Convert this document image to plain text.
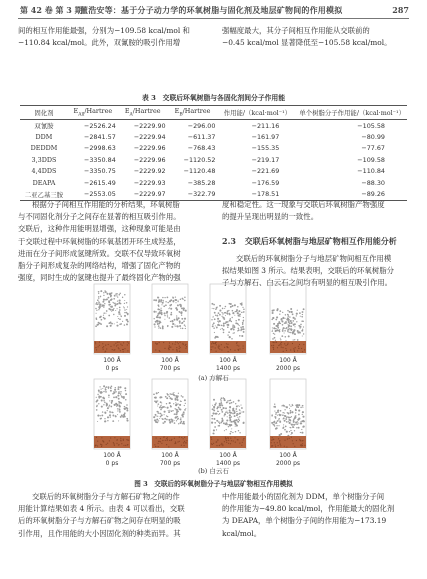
第 42 卷 第 3 期
董浩安等：基于分子动力学的环氧树脂与固化剂及地层矿物间的作用模拟	287
间的相互作用能最强，分别为−109.58 kcal/mol 和
−110.84 kcal/mol。此外，双氰胺的吸引作用增
强幅度最大，其分子间相互作用能从交联前的
−0.45 kcal/mol 显著降低至−105.58 kcal/mol。
表 3　交联后环氧树脂与各固化剂间分子作用能
固化剂	$E_{All}$/Hartree	$E_A$/Hartree	$E_B$/Hartree	作用能/（kcal·mol⁻¹）	单个树脂分子作用能/（kcal·mol⁻¹）
双氰胺	−2526.24	−2229.90	−296.00	−211.16	−105.58
DDM	−2841.57	−2229.94	−611.37	−161.97	−80.99
DEDDM	−2998.63	−2229.96	−768.43	−155.35	−77.67
3,3DDS	−3350.84	−2229.96	−1120.52	−219.17	−109.58
4,4DDS	−3350.75	−2229.92	−1120.48	−221.69	−110.84
DEAPA	−2615.49	−2229.93	−385.28	−176.59	−88.30
二亚乙基三胺	−2553.05	−2229.97	−322.79	−178.51	−89.26
根据分子间相互作用能的分析结果，环氧树脂
与不同固化剂分子之间存在显著的相互吸引作用。
交联后，这种作用能明显增强，这种现象可能是由
于交联过程中环氧树脂的环氧基团开环生成羟基，
进而在分子间形成氢键所致。交联不仅导致环氧树
脂分子间形成复杂的网络结构，增强了固化产物的
强度，同时生成的氢键也提升了最终固化产物的强
度和稳定性。这一现象与交联后环氧树脂产物强度
的提升呈现出明显的一致性。
2.3 交联后环氧树脂与地层矿物相互作用能分析
交联后的环氧树脂分子与地层矿物间相互作用模
拟结果如图 3 所示。结果表明，交联后的环氧树脂分
子与方解石、白云石之间均有明显的相互吸引作用。
100 Å
0 ps
100 Å
700 ps
100 Å
1400 ps
100 Å
2000 ps
100 Å
0 ps
100 Å
700 ps
100 Å
1400 ps
100 Å
2000 ps
(a) 方解石
(b) 白云石
图 3　交联后的环氧树脂分子与地层矿物相互作用模拟
交联后的环氧树脂分子与方解石矿物之间的作
用能计算结果如表 4 所示。由表 4 可以看出，交联
后的环氧树脂分子与方解石矿物之间存在明显的吸
引作用，且作用能的大小因固化剂的种类而异。其
中作用能最小的固化剂为 DDM，单个树脂分子间
的作用能为−49.80 kcal/mol，作用能最大的固化剂
为 DEAPA，单个树脂分子间的作用能为−173.19
kcal/mol。
